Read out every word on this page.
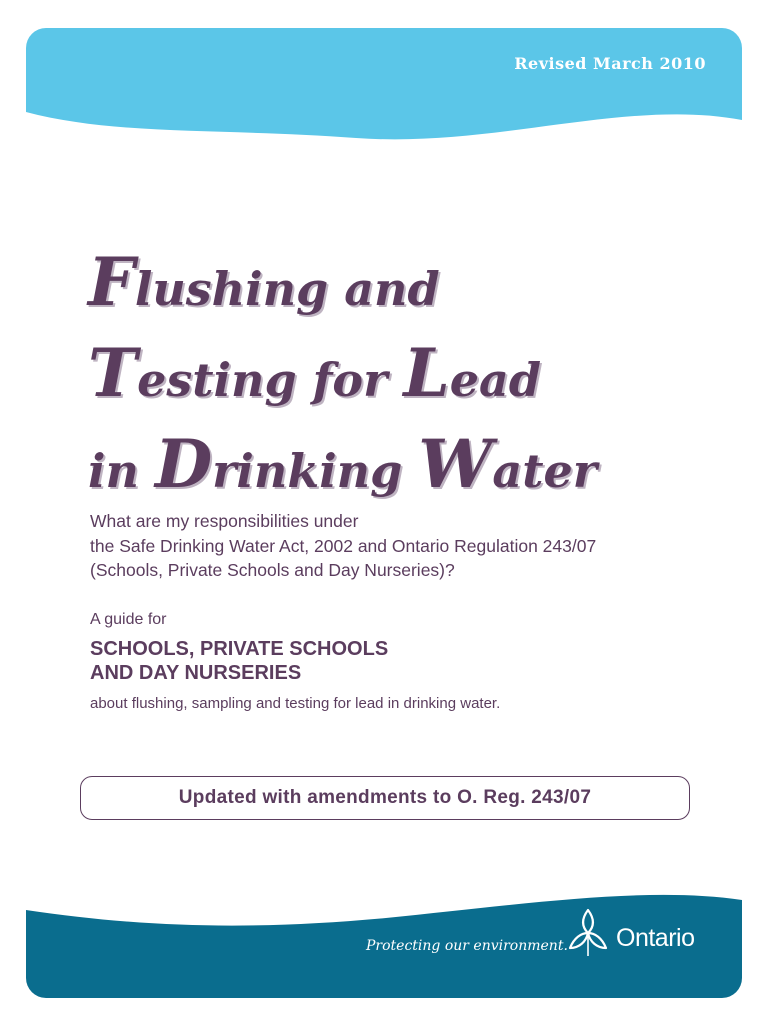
Revised March 2010
Flushing and
Testing for Lead
in Drinking Water

What are my responsibilities under
the Safe Drinking Water Act, 2002 and Ontario Regulation 243/07
(Schools, Private Schools and Day Nurseries)?

A guide for

SCHOOLS, PRIVATE SCHOOLS
AND DAY NURSERIES

about flushing, sampling and testing for lead in drinking water.

Updated with amendments to O. Reg. 243/07
Protecting our environment. Ontario
